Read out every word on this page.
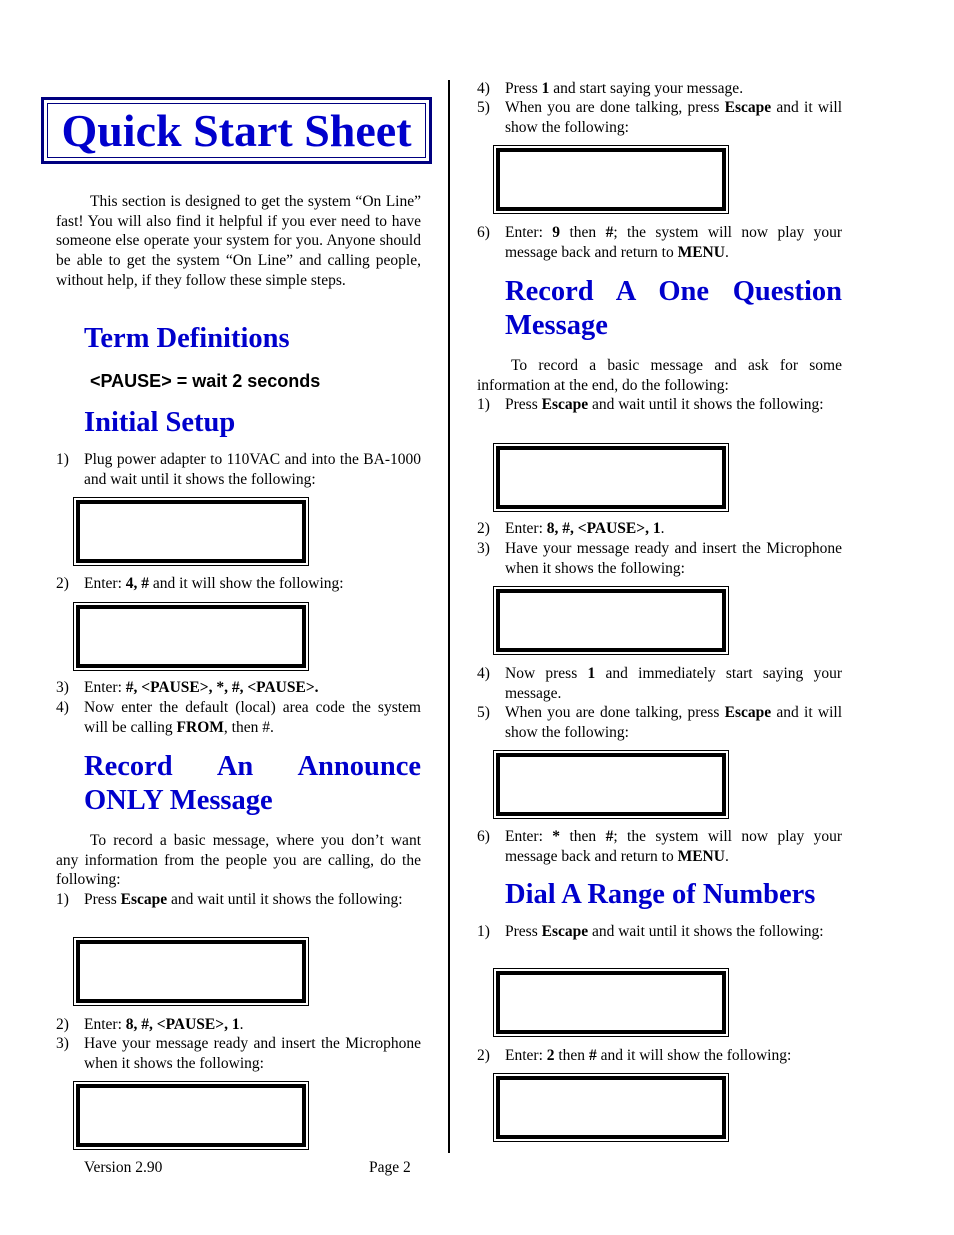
Quick Start Sheet
This section is designed to get the system “On Line” fast! You will also find it helpful if you ever need to have someone else operate your system for you. Anyone should be able to get the system “On Line” and calling people, without help, if they follow these simple steps.
Term Definitions
<PAUSE> = wait 2 seconds
Initial Setup
1) Plug power adapter to 110VAC and into the BA-1000 and wait until it shows the following:
2) Enter: 4, # and it will show the following:
3) Enter: #, <PAUSE>, *, #, <PAUSE>.
4) Now enter the default (local) area code the system will be calling FROM, then #.
Record An Announce
ONLY Message
To record a basic message, where you don’t want any information from the people you are calling, do the following:
1) Press Escape and wait until it shows the following:
2) Enter: 8, #, <PAUSE>, 1.
3) Have your message ready and insert the Microphone when it shows the following:
Version 2.90	Page 2
4) Press 1 and start saying your message.
5) When you are done talking, press Escape and it will show the following:
6) Enter: 9 then #; the system will now play your message back and return to MENU.
Record A One Question
Message
To record a basic message and ask for some information at the end, do the following:
1) Press Escape and wait until it shows the following:
2) Enter: 8, #, <PAUSE>, 1.
3) Have your message ready and insert the Microphone when it shows the following:
4) Now press 1 and immediately start saying your message.
5) When you are done talking, press Escape and it will show the following:
6) Enter: * then #; the system will now play your message back and return to MENU.
Dial A Range of Numbers
1) Press Escape and wait until it shows the following:
2) Enter: 2 then # and it will show the following:
